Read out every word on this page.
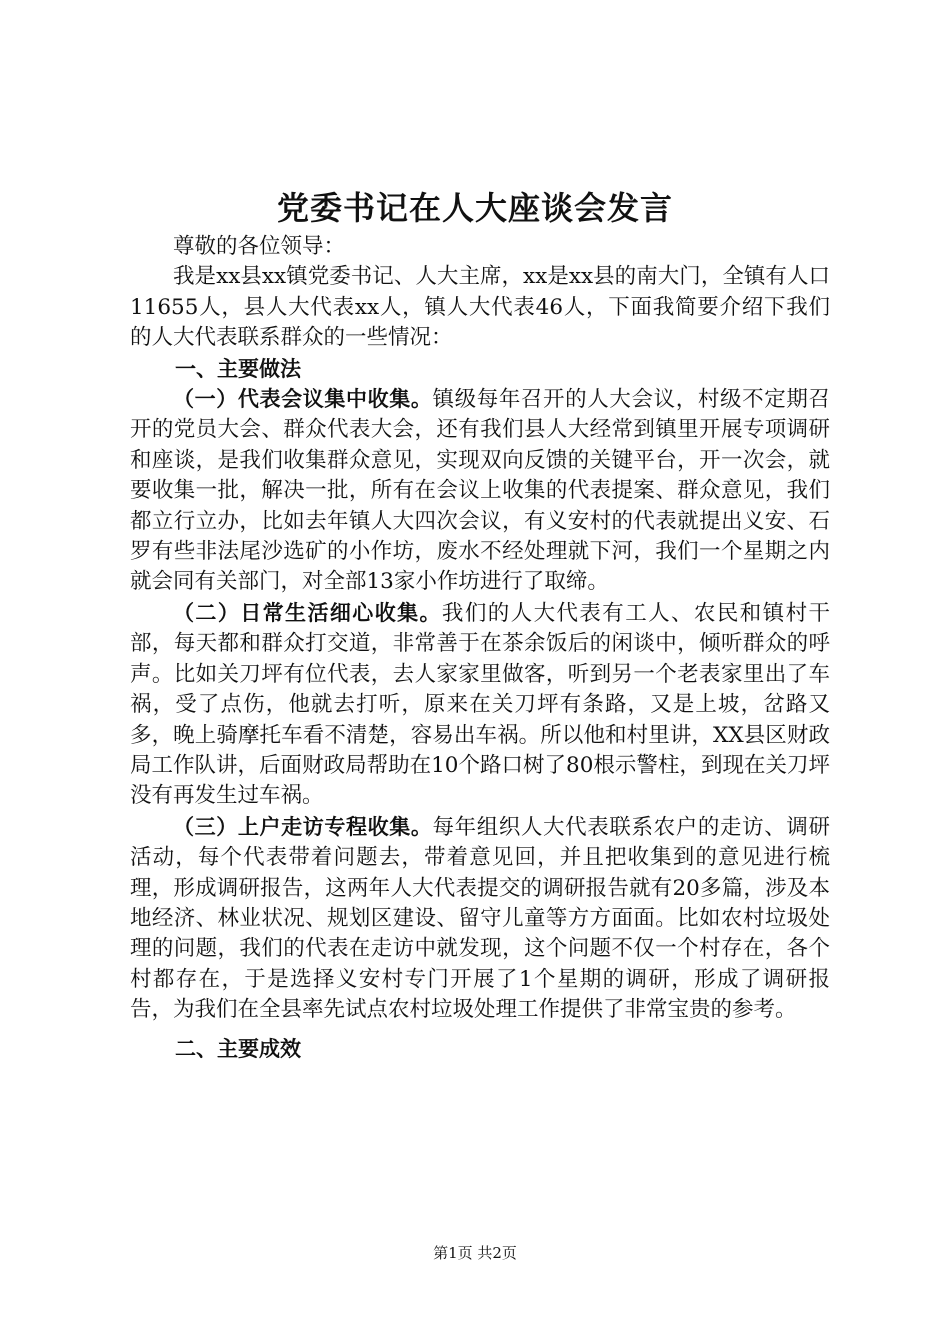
党委书记在人大座谈会发言

尊敬的各位领导：

我是xx县xx镇党委书记、人大主席，xx是xx县的南大门，全镇有人口11655人，县人大代表xx人，镇人大代表46人，下面我简要介绍下我们的人大代表联系群众的一些情况：

一、主要做法

（一）代表会议集中收集。镇级每年召开的人大会议，村级不定期召开的党员大会、群众代表大会，还有我们县人大经常到镇里开展专项调研和座谈，是我们收集群众意见，实现双向反馈的关键平台，开一次会，就要收集一批，解决一批，所有在会议上收集的代表提案、群众意见，我们都立行立办，比如去年镇人大四次会议，有义安村的代表就提出义安、石罗有些非法尾沙选矿的小作坊，废水不经处理就下河，我们一个星期之内就会同有关部门，对全部13家小作坊进行了取缔。

（二）日常生活细心收集。我们的人大代表有工人、农民和镇村干部，每天都和群众打交道，非常善于在茶余饭后的闲谈中，倾听群众的呼声。比如关刀坪有位代表，去人家家里做客，听到另一个老表家里出了车祸，受了点伤，他就去打听，原来在关刀坪有条路，又是上坡，岔路又多，晚上骑摩托车看不清楚，容易出车祸。所以他和村里讲，XX县区财政局工作队讲，后面财政局帮助在10个路口树了80根示警柱，到现在关刀坪没有再发生过车祸。

（三）上户走访专程收集。每年组织人大代表联系农户的走访、调研活动，每个代表带着问题去，带着意见回，并且把收集到的意见进行梳理，形成调研报告，这两年人大代表提交的调研报告就有20多篇，涉及本地经济、林业状况、规划区建设、留守儿童等方方面面。比如农村垃圾处理的问题，我们的代表在走访中就发现，这个问题不仅一个村存在，各个村都存在，于是选择义安村专门开展了1个星期的调研，形成了调研报告，为我们在全县率先试点农村垃圾处理工作提供了非常宝贵的参考。

二、主要成效

第1页 共2页
